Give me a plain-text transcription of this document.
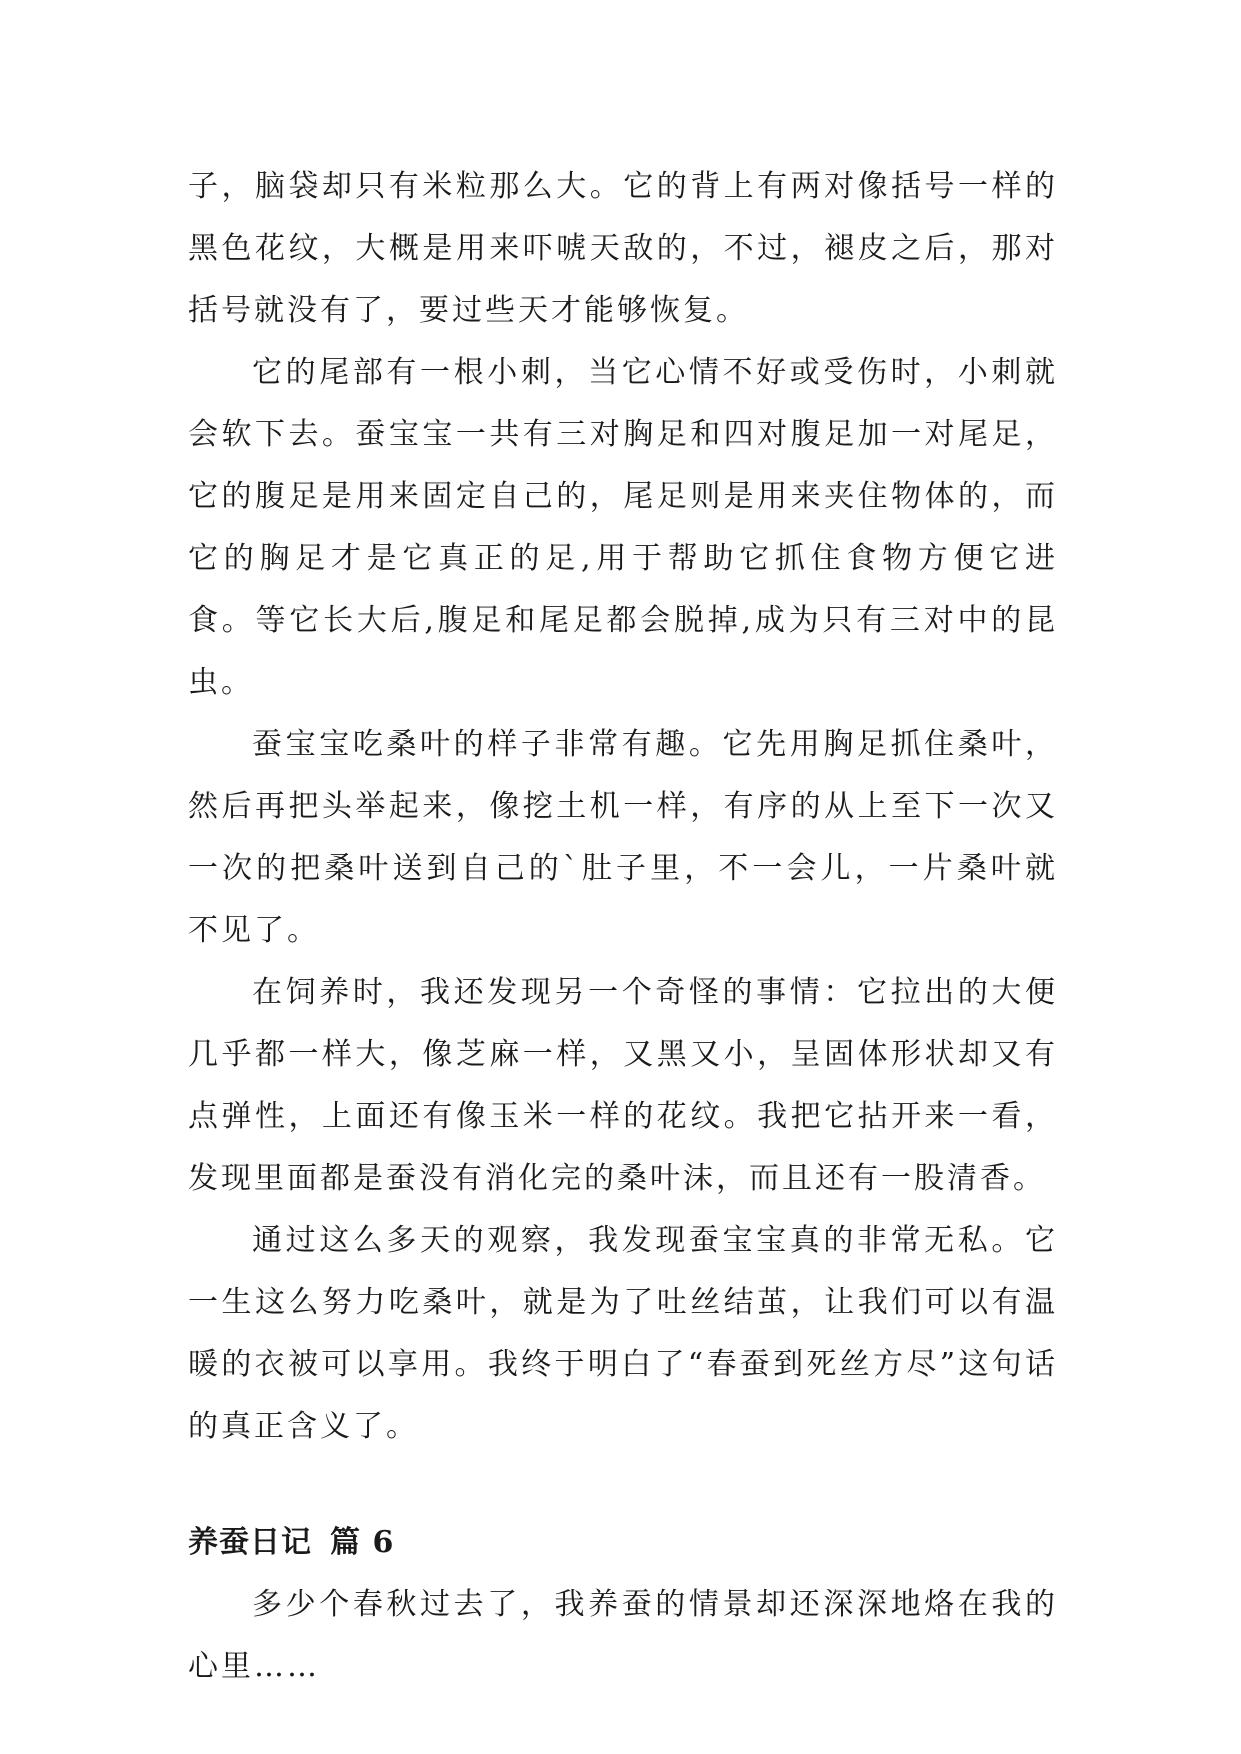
子，脑袋却只有米粒那么大。它的背上有两对像括号一样的黑色花纹，大概是用来吓唬天敌的，不过，褪皮之后，那对括号就没有了，要过些天才能够恢复。

它的尾部有一根小刺，当它心情不好或受伤时，小刺就会软下去。蚕宝宝一共有三对胸足和四对腹足加一对尾足，它的腹足是用来固定自己的，尾足则是用来夹住物体的，而它的胸足才是它真正的足,用于帮助它抓住食物方便它进食。等它长大后,腹足和尾足都会脱掉,成为只有三对中的昆虫。

蚕宝宝吃桑叶的样子非常有趣。它先用胸足抓住桑叶，然后再把头举起来，像挖土机一样，有序的从上至下一次又一次的把桑叶送到自己的`肚子里，不一会儿，一片桑叶就不见了。

在饲养时，我还发现另一个奇怪的事情：它拉出的大便几乎都一样大，像芝麻一样，又黑又小，呈固体形状却又有点弹性，上面还有像玉米一样的花纹。我把它拈开来一看，发现里面都是蚕没有消化完的桑叶沫，而且还有一股清香。

通过这么多天的观察，我发现蚕宝宝真的非常无私。它一生这么努力吃桑叶，就是为了吐丝结茧，让我们可以有温暖的衣被可以享用。我终于明白了“春蚕到死丝方尽”这句话的真正含义了。

养蚕日记 篇 6

多少个春秋过去了，我养蚕的情景却还深深地烙在我的心里……
